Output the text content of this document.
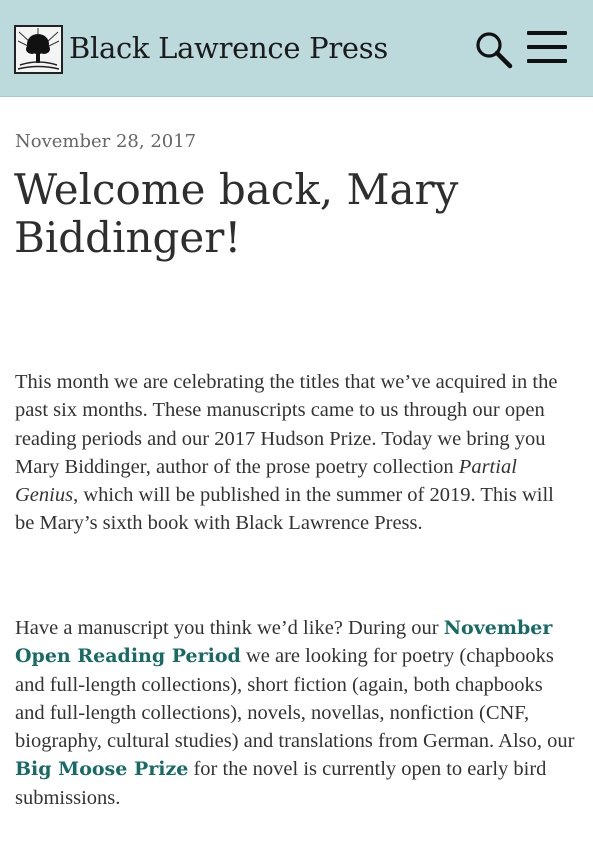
Black Lawrence Press
November 28, 2017
Welcome back, Mary Biddinger!

This month we are celebrating the titles that we’ve acquired in the past six months. These manuscripts came to us through our open reading periods and our 2017 Hudson Prize. Today we bring you Mary Biddinger, author of the prose poetry collection Partial Genius, which will be published in the summer of 2019. This will be Mary’s sixth book with Black Lawrence Press.

Have a manuscript you think we’d like? During our November Open Reading Period we are looking for poetry (chapbooks and full-length collections), short fiction (again, both chapbooks and full-length collections), novels, novellas, nonfiction (CNF, biography, cultural studies) and translations from German. Also, our Big Moose Prize for the novel is currently open to early bird submissions.
